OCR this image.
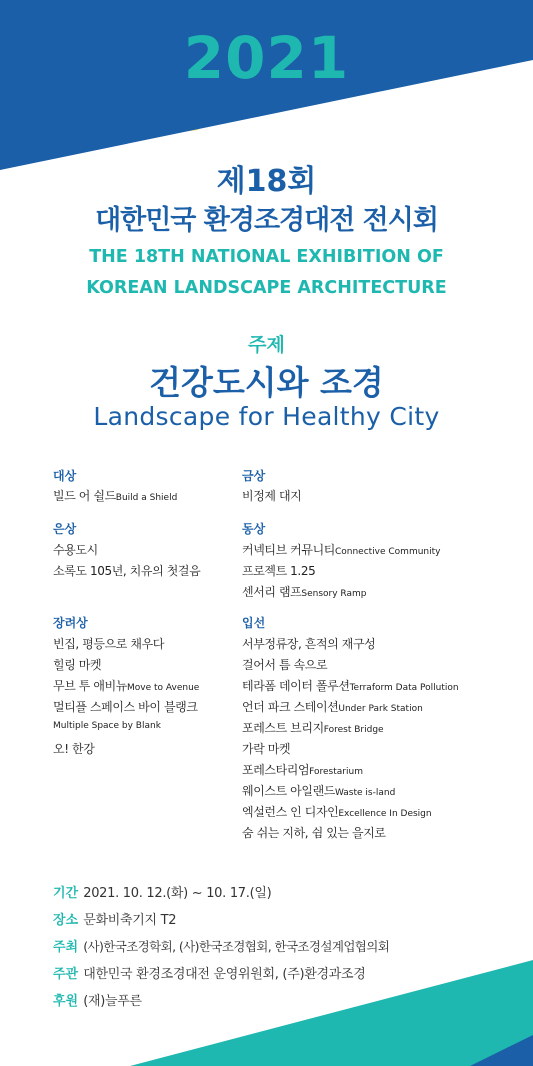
2021
제18회
대한민국 환경조경대전 전시회
THE 18TH NATIONAL EXHIBITION OF
KOREAN LANDSCAPE ARCHITECTURE
주제
건강도시와 조경
Landscape for Healthy City
대상
빌드 어 쉴드Build a Shield
은상
수용도시
소록도 105년, 치유의 첫걸음
장려상
빈집, 평등으로 채우다
힐링 마켓
무브 투 애비뉴Move to Avenue
멀티플 스페이스 바이 블랭크
Multiple Space by Blank
오! 한강
금상
비정제 대지
동상
커넥티브 커뮤니티Connective Community
프로젝트 1.25
센서리 램프Sensory Ramp
입선
서부정류장, 흔적의 재구성
걸어서 틈 속으로
테라폼 데이터 폴루션Terraform Data Pollution
언더 파크 스테이션Under Park Station
포레스트 브리지Forest Bridge
가락 마켓
포레스타리엄Forestarium
웨이스트 아일랜드Waste is-land
엑설런스 인 디자인Excellence In Design
숨 쉬는 지하, 쉼 있는 을지로
기간 2021. 10. 12.(화) ~ 10. 17.(일)
장소 문화비축기지 T2
주최 (사)한국조경학회, (사)한국조경협회, 한국조경설계업협의회
주관 대한민국 환경조경대전 운영위원회, (주)환경과조경
후원 (재)늘푸른
